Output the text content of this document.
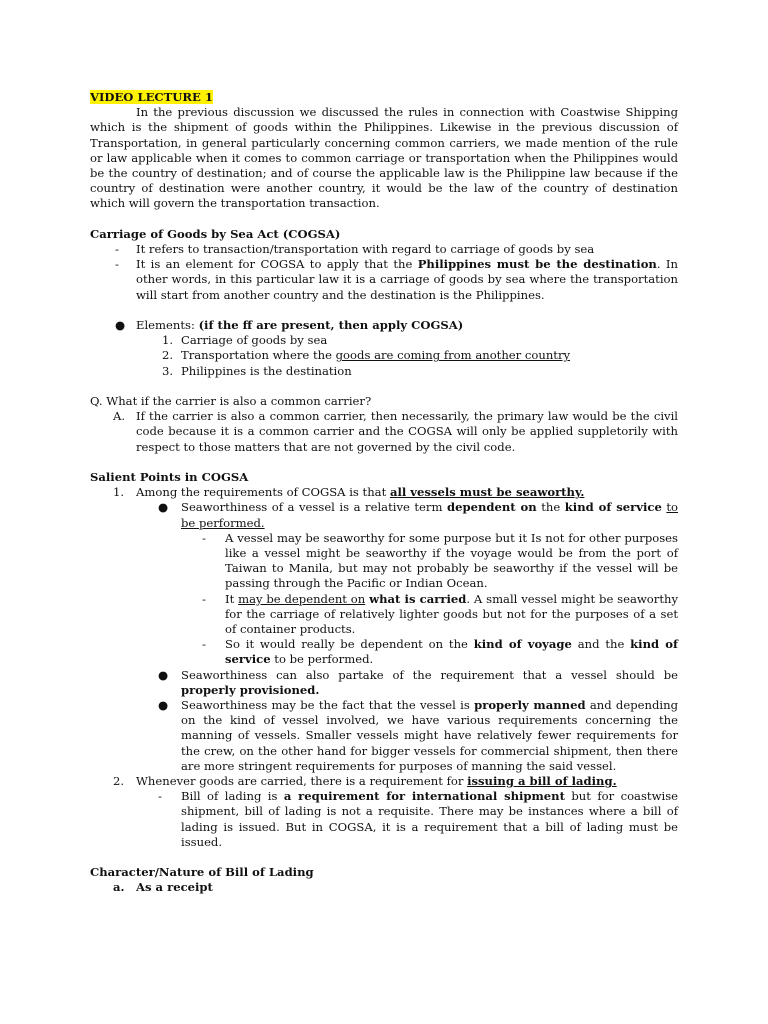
VIDEO LECTURE 1

In the previous discussion we discussed the rules in connection with Coastwise Shipping which is the shipment of goods within the Philippines. Likewise in the previous discussion of Transportation, in general particularly concerning common carriers, we made mention of the rule or law applicable when it comes to common carriage or transportation when the Philippines would be the country of destination; and of course the applicable law is the Philippine law because if the country of destination were another country, it would be the law of the country of destination which will govern the transportation transaction.

Carriage of Goods by Sea Act (COGSA)

- It refers to transaction/transportation with regard to carriage of goods by sea
- It is an element for COGSA to apply that the Philippines must be the destination. In other words, in this particular law it is a carriage of goods by sea where the transportation will start from another country and the destination is the Philippines.
● Elements: (if the ff are present, then apply COGSA)
1. Carriage of goods by sea
2. Transportation where the goods are coming from another country
3. Philippines is the destination

Q. What if the carrier is also a common carrier?

A. If the carrier is also a common carrier, then necessarily, the primary law would be the civil code because it is a common carrier and the COGSA will only be applied suppletorily with respect to those matters that are not governed by the civil code.

Salient Points in COGSA

1. Among the requirements of COGSA is that all vessels must be seaworthy.
● Seaworthiness of a vessel is a relative term dependent on the kind of service to be performed.
- A vessel may be seaworthy for some purpose but it Is not for other purposes like a vessel might be seaworthy if the voyage would be from the port of Taiwan to Manila, but may not probably be seaworthy if the vessel will be passing through the Pacific or Indian Ocean.
- It may be dependent on what is carried. A small vessel might be seaworthy for the carriage of relatively lighter goods but not for the purposes of a set of container products.
- So it would really be dependent on the kind of voyage and the kind of service to be performed.
● Seaworthiness can also partake of the requirement that a vessel should be properly provisioned.
● Seaworthiness may be the fact that the vessel is properly manned and depending on the kind of vessel involved, we have various requirements concerning the manning of vessels. Smaller vessels might have relatively fewer requirements for the crew, on the other hand for bigger vessels for commercial shipment, then there are more stringent requirements for purposes of manning the said vessel.
2. Whenever goods are carried, there is a requirement for issuing a bill of lading.
- Bill of lading is a requirement for international shipment but for coastwise shipment, bill of lading is not a requisite. There may be instances where a bill of lading is issued. But in COGSA, it is a requirement that a bill of lading must be issued.

Character/Nature of Bill of Lading

a. As a receipt
